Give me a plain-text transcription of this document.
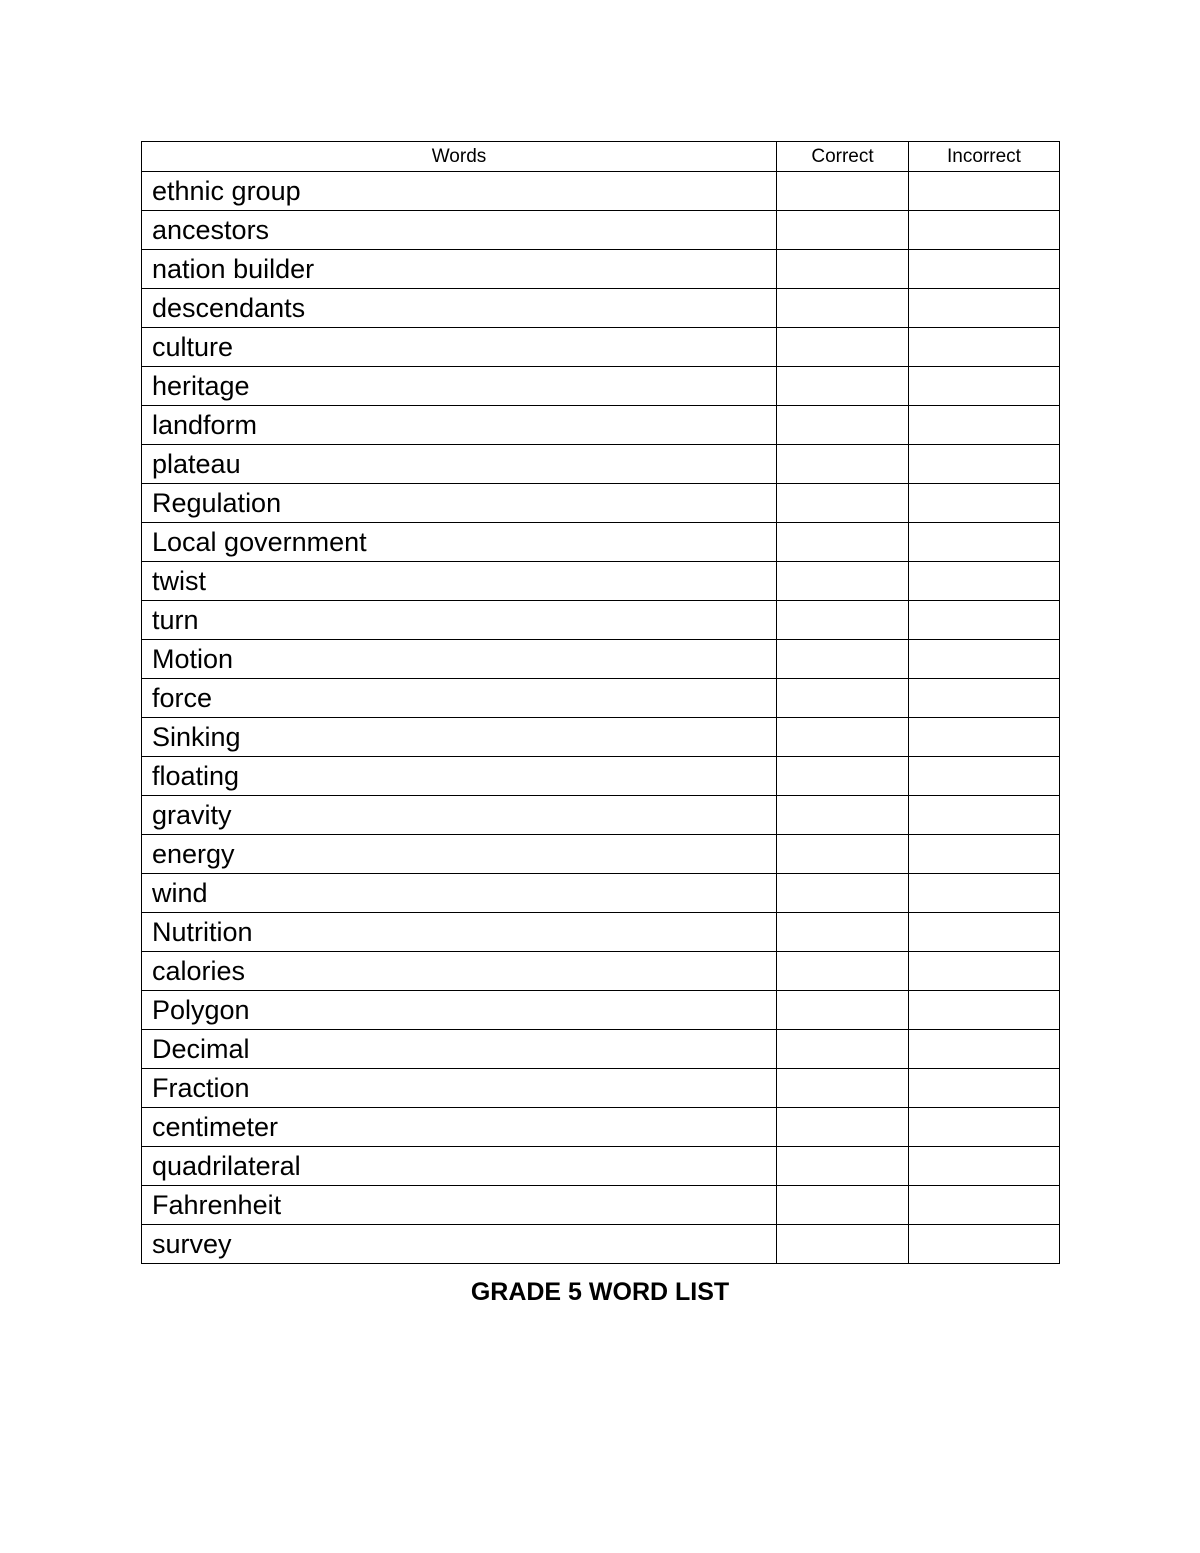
Words	Correct	Incorrect
ethnic group		
ancestors		
nation builder		
descendants		
culture		
heritage		
landform		
plateau		
Regulation		
Local government		
twist		
turn		
Motion		
force		
Sinking		
floating		
gravity		
energy		
wind		
Nutrition		
calories		
Polygon		
Decimal		
Fraction		
centimeter		
quadrilateral		
Fahrenheit		
survey		
GRADE 5 WORD LIST
